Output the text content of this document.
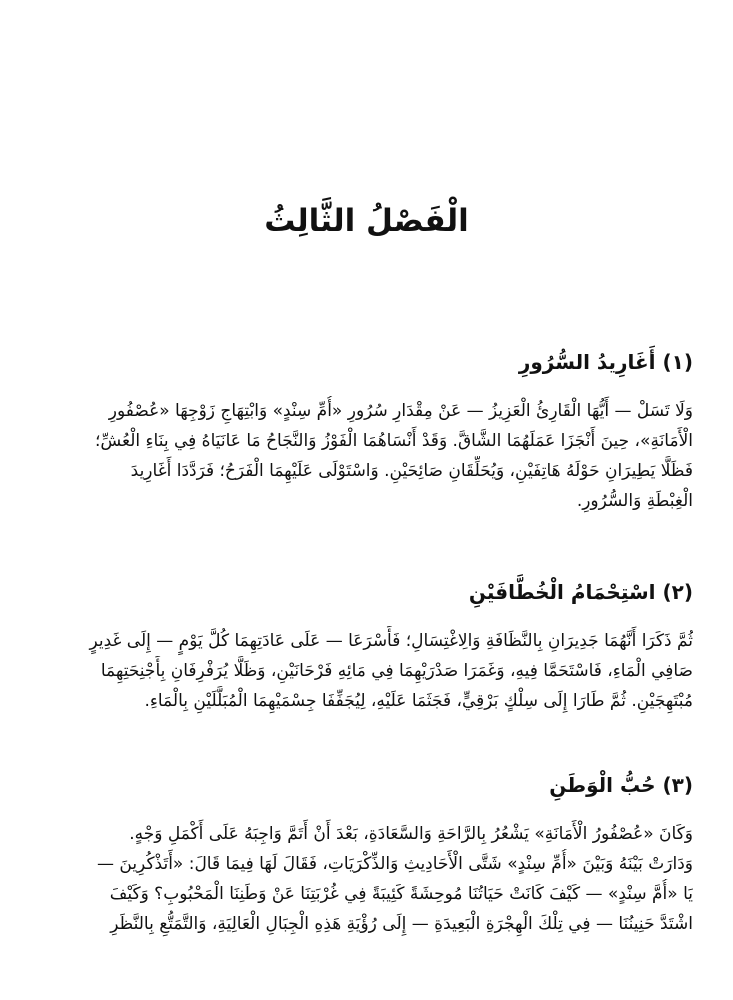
الْفَصْلُ الثَّالِثُ
(١) أَغَارِيدُ السُّرُورِ

وَلَا تَسَلْ — أَيُّهَا الْقَارِئُ الْعَزِيزُ — عَنْ مِقْدَارِ سُرُورِ «أُمِّ سِنْدٍ» وَابْتِهَاجِ زَوْجِهَا «عُصْفُورِ
الْأَمَانَةِ»، حِينَ أَنْجَزَا عَمَلَهُمَا الشَّاقَّ. وَقَدْ أَنْسَاهُمَا الْفَوْزُ وَالنَّجَاحُ مَا عَانَيَاهُ فِي بِنَاءِ الْعُشِّ؛
فَظَلَّا يَطِيرَانِ حَوْلَهُ هَاتِفَيْنِ، وَيُحَلِّقَانِ صَائِحَيْنِ. وَاسْتَوْلَى عَلَيْهِمَا الْفَرَحُ؛ فَرَدَّدَا أَغَارِيدَ
الْغِبْطَةِ وَالسُّرُورِ.

(٢) اسْتِحْمَامُ الْخُطَّافَيْنِ

ثُمَّ ذَكَرَا أَنَّهُمَا جَدِيرَانِ بِالنَّظَافَةِ وَالِاغْتِسَالِ؛ فَأَسْرَعَا — عَلَى عَادَتِهِمَا كُلَّ يَوْمٍ — إِلَى غَدِيرٍ
صَافِي الْمَاءِ، فَاسْتَحَمَّا فِيهِ، وَغَمَرَا صَدْرَيْهِمَا فِي مَائِهِ فَرْحَانَيْنِ، وَظَلَّا يُرَفْرِفَانِ بِأَجْنِحَتِهِمَا
مُبْتَهِجَيْنِ. ثُمَّ طَارَا إِلَى سِلْكٍ بَرْقِيٍّ، فَجَثَمَا عَلَيْهِ، لِيُجَفِّفَا جِسْمَيْهِمَا الْمُبَلَّلَيْنِ بِالْمَاءِ.

(٣) حُبُّ الْوَطَنِ

وَكَانَ «عُصْفُورُ الْأَمَانَةِ» يَشْعُرُ بِالرَّاحَةِ وَالسَّعَادَةِ، بَعْدَ أَنْ أَتَمَّ وَاجِبَهُ عَلَى أَكْمَلِ وَجْهٍ.
وَدَارَتْ بَيْنَهُ وَبَيْنَ «أُمِّ سِنْدٍ» شَتَّى الْأَحَادِيثِ وَالذِّكْرَيَاتِ، فَقَالَ لَهَا فِيمَا قَالَ: «أَتَذْكُرِينَ —
يَا «أُمَّ سِنْدٍ» — كَيْفَ كَانَتْ حَيَاتُنَا مُوحِشَةً كَئِيبَةً فِي غُرْبَتِنَا عَنْ وَطَنِنَا الْمَحْبُوبِ؟ وَكَيْفَ
اشْتَدَّ حَنِينُنَا — فِي تِلْكَ الْهِجْرَةِ الْبَعِيدَةِ — إِلَى رُؤْيَةِ هَذِهِ الْجِبَالِ الْعَالِيَةِ، وَالتَّمَتُّعِ بِالنَّظَرِ
